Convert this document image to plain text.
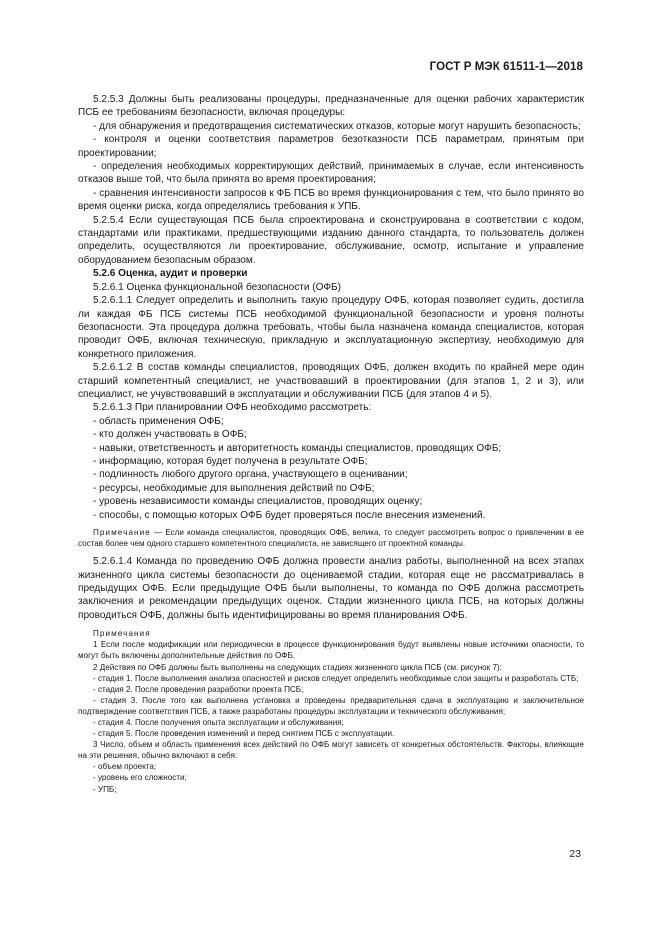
ГОСТ Р МЭК 61511-1—2018

5.2.5.3 Должны быть реализованы процедуры, предназначенные для оценки рабочих характеристик ПСБ ее требованиям безопасности, включая процедуры:

- для обнаружения и предотвращения систематических отказов, которые могут нарушить безопасность;

- контроля и оценки соответствия параметров безотказности ПСБ параметрам, принятым при проектировании;

- определения необходимых корректирующих действий, принимаемых в случае, если интенсивность отказов выше той, что была принята во время проектирования;

- сравнения интенсивности запросов к ФБ ПСБ во время функционирования с тем, что было принято во время оценки риска, когда определялись требования к УПБ.

5.2.5.4 Если существующая ПСБ была спроектирована и сконструирована в соответствии с кодом, стандартами или практиками, предшествующими изданию данного стандарта, то пользователь должен определить, осуществляются ли проектирование, обслуживание, осмотр, испытание и управление оборудованием безопасным образом.

5.2.6 Оценка, аудит и проверки

5.2.6.1 Оценка функциональной безопасности (ОФБ)

5.2.6.1.1 Следует определить и выполнить такую процедуру ОФБ, которая позволяет судить, достигла ли каждая ФБ ПСБ системы ПСБ необходимой функциональной безопасности и уровня полноты безопасности. Эта процедура должна требовать, чтобы была назначена команда специалистов, которая проводит ОФБ, включая техническую, прикладную и эксплуатационную экспертизу, необходимую для конкретного приложения.

5.2.6.1.2 В состав команды специалистов, проводящих ОФБ, должен входить по крайней мере один старший компетентный специалист, не участвовавший в проектировании (для этапов 1, 2 и 3), или специалист, не учувствовавший в эксплуатации и обслуживании ПСБ (для этапов 4 и 5).

5.2.6.1.3 При планировании ОФБ необходимо рассмотреть:

- область применения ОФБ;

- кто должен участвовать в ОФБ;

- навыки, ответственность и авторитетность команды специалистов, проводящих ОФБ;

- информацию, которая будет получена в результате ОФБ;

- подлинность любого другого органа, участвующего в оценивании;

- ресурсы, необходимые для выполнения действий по ОФБ;

- уровень независимости команды специалистов, проводящих оценку;

- способы, с помощью которых ОФБ будет проверяться после внесения изменений.

Примечание — Если команда специалистов, проводящих ОФБ, велика, то следует рассмотреть вопрос о привлечении в ее состав более чем одного старшего компетентного специалиста, не зависящего от проектной команды.

5.2.6.1.4 Команда по проведению ОФБ должна провести анализ работы, выполненной на всех этапах жизненного цикла системы безопасности до оцениваемой стадии, которая еще не рассматривалась в предыдущих ОФБ. Если предыдущие ОФБ были выполнены, то команда по ОФБ должна рассмотреть заключения и рекомендации предыдущих оценок. Стадии жизненного цикла ПСБ, на которых должны проводиться ОФБ, должны быть идентифицированы во время планирования ОФБ.

Примечания

1 Если после модификации или периодически в процессе функционирования будут выявлены новые источники опасности, то могут быть включены дополнительные действия по ОФБ.

2 Действия по ОФБ должны быть выполнены на следующих стадиях жизненного цикла ПСБ (см. рисунок 7):

- стадия 1. После выполнения анализа опасностей и рисков следует определить необходимые слои защиты и разработать СТБ;

- стадия 2. После проведения разработки проекта ПСБ;

- стадия 3. После того как выполнена установка и проведены предварительная сдача в эксплуатацию и заключительное подтверждение соответствия ПСБ, а также разработаны процедуры эксплуатации и технического обслуживания;

- стадия 4. После получения опыта эксплуатации и обслуживания;

- стадия 5. После проведения изменений и перед снятием ПСБ с эксплуатации.

3 Число, объем и область применения всех действий по ОФБ могут зависеть от конкретных обстоятельств. Факторы, влияющие на эти решения, обычно включают в себя:

- объем проекта;

- уровень его сложности;

- УПБ;

23
